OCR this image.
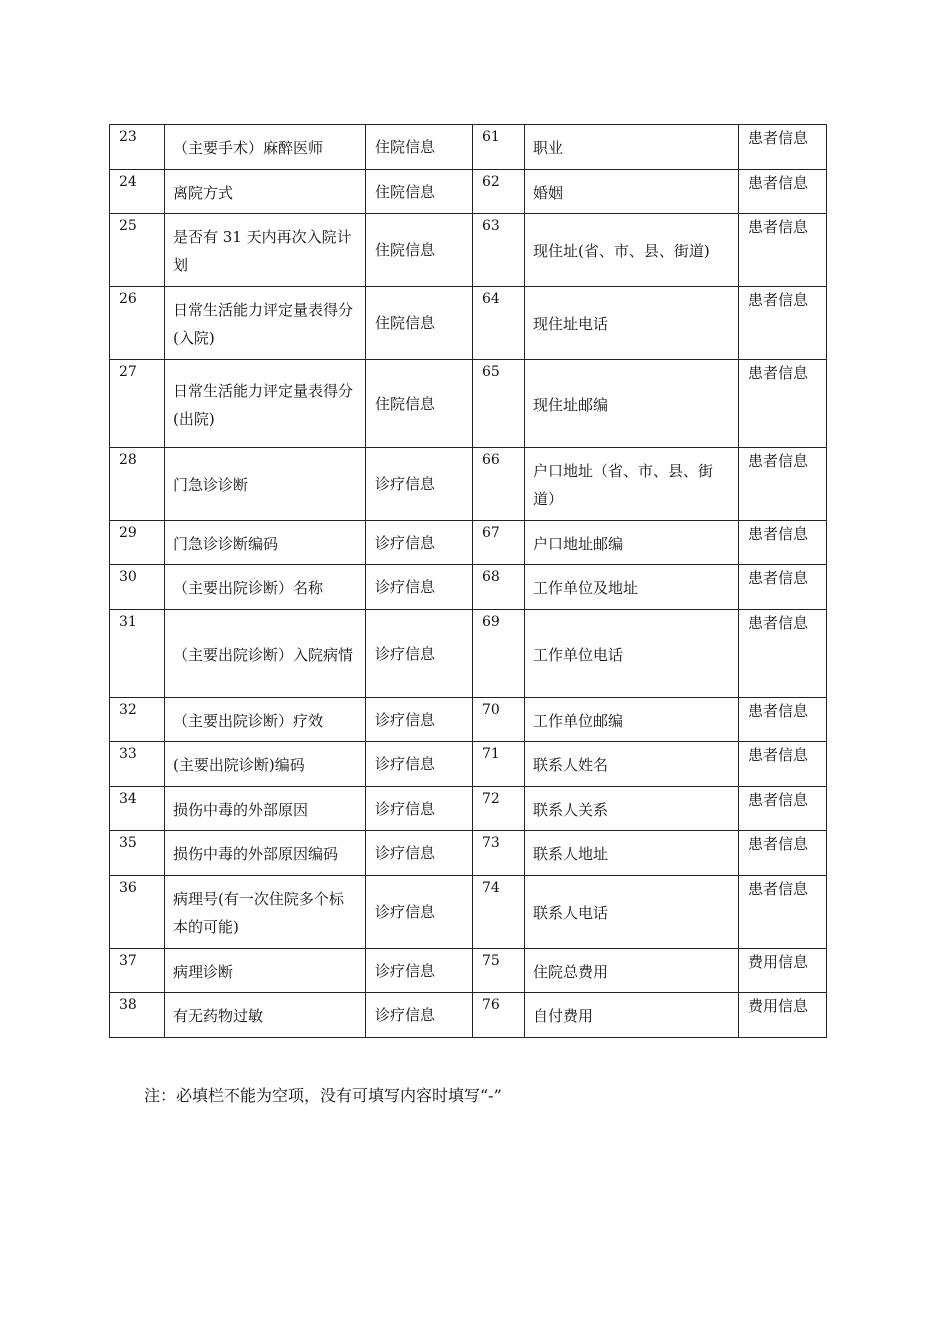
23	（主要手术）麻醉医师	住院信息	61	职业	患者信息
24	离院方式	住院信息	62	婚姻	患者信息
25	是否有 31 天内再次入院计划	住院信息	63	现住址(省、市、县、街道)	患者信息
26	日常生活能力评定量表得分(入院)	住院信息	64	现住址电话	患者信息
27	日常生活能力评定量表得分(出院)	住院信息	65	现住址邮编	患者信息
28	门急诊诊断	诊疗信息	66	户口地址（省、市、县、街道）	患者信息
29	门急诊诊断编码	诊疗信息	67	户口地址邮编	患者信息
30	（主要出院诊断）名称	诊疗信息	68	工作单位及地址	患者信息
31	（主要出院诊断）入院病情	诊疗信息	69	工作单位电话	患者信息
32	（主要出院诊断）疗效	诊疗信息	70	工作单位邮编	患者信息
33	(主要出院诊断)编码	诊疗信息	71	联系人姓名	患者信息
34	损伤中毒的外部原因	诊疗信息	72	联系人关系	患者信息
35	损伤中毒的外部原因编码	诊疗信息	73	联系人地址	患者信息
36	病理号(有一次住院多个标本的可能)	诊疗信息	74	联系人电话	患者信息
37	病理诊断	诊疗信息	75	住院总费用	费用信息
38	有无药物过敏	诊疗信息	76	自付费用	费用信息
注：必填栏不能为空项，没有可填写内容时填写“-”
